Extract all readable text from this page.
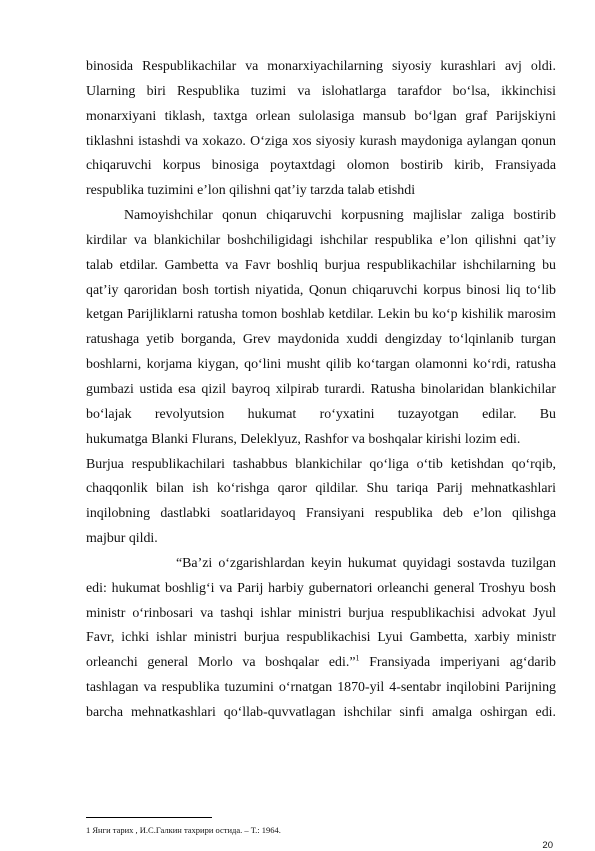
binosida Respublikachilar va monarxiyachilarning siyosiy kurashlari avj oldi. Ularning biri Respublika tuzimi va islohatlarga tarafdor bo‘lsa, ikkinchisi monarxiyani tiklash, taxtga orlean sulolasiga mansub bo‘lgan graf Parijskiyni tiklashni istashdi va xokazo. O‘ziga xos siyosiy kurash maydoniga aylangan qonun chiqaruvchi korpus binosiga poytaxtdagi olomon bostirib kirib, Fransiyada

respublika tuzimini e’lon qilishni qat’iy tarzda talab etishdi

Namoyishchilar qonun chiqaruvchi korpusning majlislar zaliga bostirib kirdilar va blankichilar boshchiligidagi ishchilar respublika e’lon qilishni qat’iy talab etdilar. Gambetta va Favr boshliq burjua respublikachilar ishchilarning bu qat’iy qaroridan bosh tortish niyatida, Qonun chiqaruvchi korpus binosi liq to‘lib ketgan Parijliklarni ratusha tomon boshlab ketdilar. Lekin bu ko‘p kishilik marosim ratushaga yetib borganda, Grev maydonida xuddi dengizday to‘lqinlanib turgan boshlarni, korjama kiygan, qo‘lini musht qilib ko‘targan olamonni ko‘rdi, ratusha gumbazi ustida esa qizil bayroq xilpirab turardi. Ratusha binolaridan blankichilar bo‘lajak revolyutsion hukumat ro‘yxatini tuzayotgan edilar. Bu

hukumatga Blanki Flurans, Deleklyuz, Rashfor va boshqalar kirishi lozim edi.

Burjua respublikachilari tashabbus blankichilar qo‘liga o‘tib ketishdan qo‘rqib, chaqqonlik bilan ish ko‘rishga qaror qildilar. Shu tariqa Parij mehnatkashlari inqilobning dastlabki soatlaridayoq Fransiyani respublika deb e’lon qilishga

majbur qildi.

“Ba’zi o‘zgarishlardan keyin hukumat quyidagi sostavda tuzilgan edi: hukumat boshlig‘i va Parij harbiy gubernatori orleanchi general Troshyu bosh ministr o‘rinbosari va tashqi ishlar ministri burjua respublikachisi advokat Jyul Favr, ichki ishlar ministri burjua respublikachisi Lyui Gambetta, xarbiy ministr orleanchi general Morlo va boshqalar edi.”$^1$ Fransiyada imperiyani ag‘darib tashlagan va respublika tuzumini o‘rnatgan 1870-yil 4-sentabr inqilobini Parijning barcha mehnatkashlari qo‘llab-quvvatlagan ishchilar sinfi amalga oshirgan edi.

1 Янги тарих , И.С.Галкин тахрири остида. – Т.: 1964.
20
